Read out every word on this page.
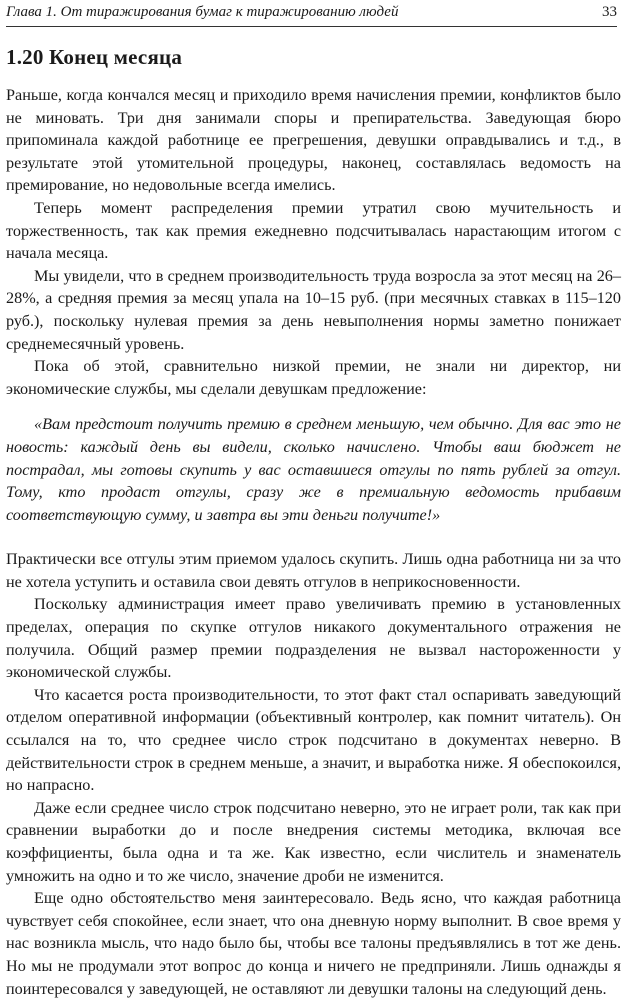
Глава 1. От тиражирования бумаг к тиражированию людей	33
1.20 Конец месяца

Раньше, когда кончался месяц и приходило время начисления премии, конфликтов было не миновать. Три дня занимали споры и препирательства. Заведующая бюро припоминала каждой работнице ее прегрешения, девушки оправдывались и т.д., в результате этой утомительной процедуры, наконец, составлялась ведомость на премирование, но недовольные всегда имелись.

Теперь момент распределения премии утратил свою мучительность и торжественность, так как премия ежедневно подсчитывалась нарастающим итогом с начала месяца.

Мы увидели, что в среднем производительность труда возросла за этот месяц на 26–28%, а средняя премия за месяц упала на 10–15 руб. (при месячных ставках в 115–120 руб.), поскольку нулевая премия за день невыполнения нормы заметно понижает среднемесячный уровень.

Пока об этой, сравнительно низкой премии, не знали ни директор, ни экономические службы, мы сделали девушкам предложение:

«Вам предстоит получить премию в среднем меньшую, чем обычно. Для вас это не новость: каждый день вы видели, сколько начислено. Чтобы ваш бюджет не пострадал, мы готовы скупить у вас оставшиеся отгулы по пять рублей за отгул. Тому, кто продаст отгулы, сразу же в премиальную ведомость прибавим соответствующую сумму, и завтра вы эти деньги получите!»

Практически все отгулы этим приемом удалось скупить. Лишь одна работница ни за что не хотела уступить и оставила свои девять отгулов в неприкосновенности.

Поскольку администрация имеет право увеличивать премию в установленных пределах, операция по скупке отгулов никакого документального отражения не получила. Общий размер премии подразделения не вызвал настороженности у экономической службы.

Что касается роста производительности, то этот факт стал оспаривать заведующий отделом оперативной информации (объективный контролер, как помнит читатель). Он ссылался на то, что среднее число строк подсчитано в документах неверно. В действительности строк в среднем меньше, а значит, и выработка ниже. Я обеспокоился, но напрасно.

Даже если среднее число строк подсчитано неверно, это не играет роли, так как при сравнении выработки до и после внедрения системы методика, включая все коэффициенты, была одна и та же. Как известно, если числитель и знаменатель умножить на одно и то же число, значение дроби не изменится.

Еще одно обстоятельство меня заинтересовало. Ведь ясно, что каждая работница чувствует себя спокойнее, если знает, что она дневную норму выполнит. В свое время у нас возникла мысль, что надо было бы, чтобы все талоны предъявлялись в тот же день. Но мы не продумали этот вопрос до конца и ничего не предприняли. Лишь однажды я поинтересовался у заведующей, не оставляют ли девушки талоны на следующий день.
